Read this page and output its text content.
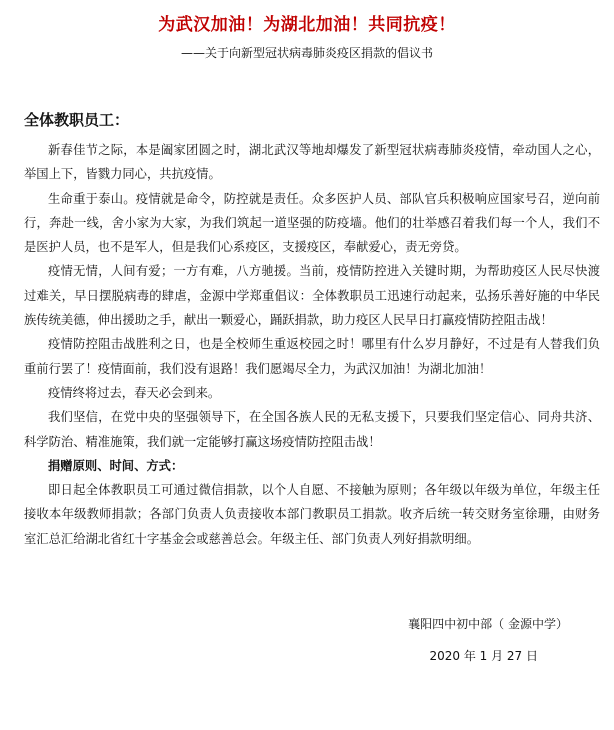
为武汉加油！为湖北加油！共同抗疫！
——关于向新型冠状病毒肺炎疫区捐款的倡议书
全体教职员工：

新春佳节之际，本是阖家团圆之时，湖北武汉等地却爆发了新型冠状病毒肺炎疫情，牵动国人之心，举国上下，皆戮力同心，共抗疫情。

生命重于泰山。疫情就是命令，防控就是责任。众多医护人员、部队官兵积极响应国家号召，逆向前行，奔赴一线，舍小家为大家，为我们筑起一道坚强的防疫墙。他们的壮举感召着我们每一个人，我们不是医护人员，也不是军人，但是我们心系疫区，支援疫区，奉献爱心，责无旁贷。

疫情无情，人间有爱；一方有难，八方驰援。当前，疫情防控进入关键时期，为帮助疫区人民尽快渡过难关，早日摆脱病毒的肆虐，金源中学郑重倡议：全体教职员工迅速行动起来，弘扬乐善好施的中华民族传统美德，伸出援助之手，献出一颗爱心，踊跃捐款，助力疫区人民早日打赢疫情防控阻击战！

疫情防控阻击战胜利之日，也是全校师生重返校园之时！哪里有什么岁月静好，不过是有人替我们负重前行罢了！疫情面前，我们没有退路！我们愿竭尽全力，为武汉加油！为湖北加油！

疫情终将过去，春天必会到来。

我们坚信，在党中央的坚强领导下，在全国各族人民的无私支援下，只要我们坚定信心、同舟共济、科学防治、精准施策，我们就一定能够打赢这场疫情防控阻击战！

捐赠原则、时间、方式：

即日起全体教职员工可通过微信捐款，以个人自愿、不接触为原则；各年级以年级为单位，年级主任接收本年级教师捐款；各部门负责人负责接收本部门教职员工捐款。收齐后统一转交财务室徐珊，由财务室汇总汇给湖北省红十字基金会或慈善总会。年级主任、部门负责人列好捐款明细。

襄阳四中初中部（ 金源中学）

2020 年 1 月 27 日
